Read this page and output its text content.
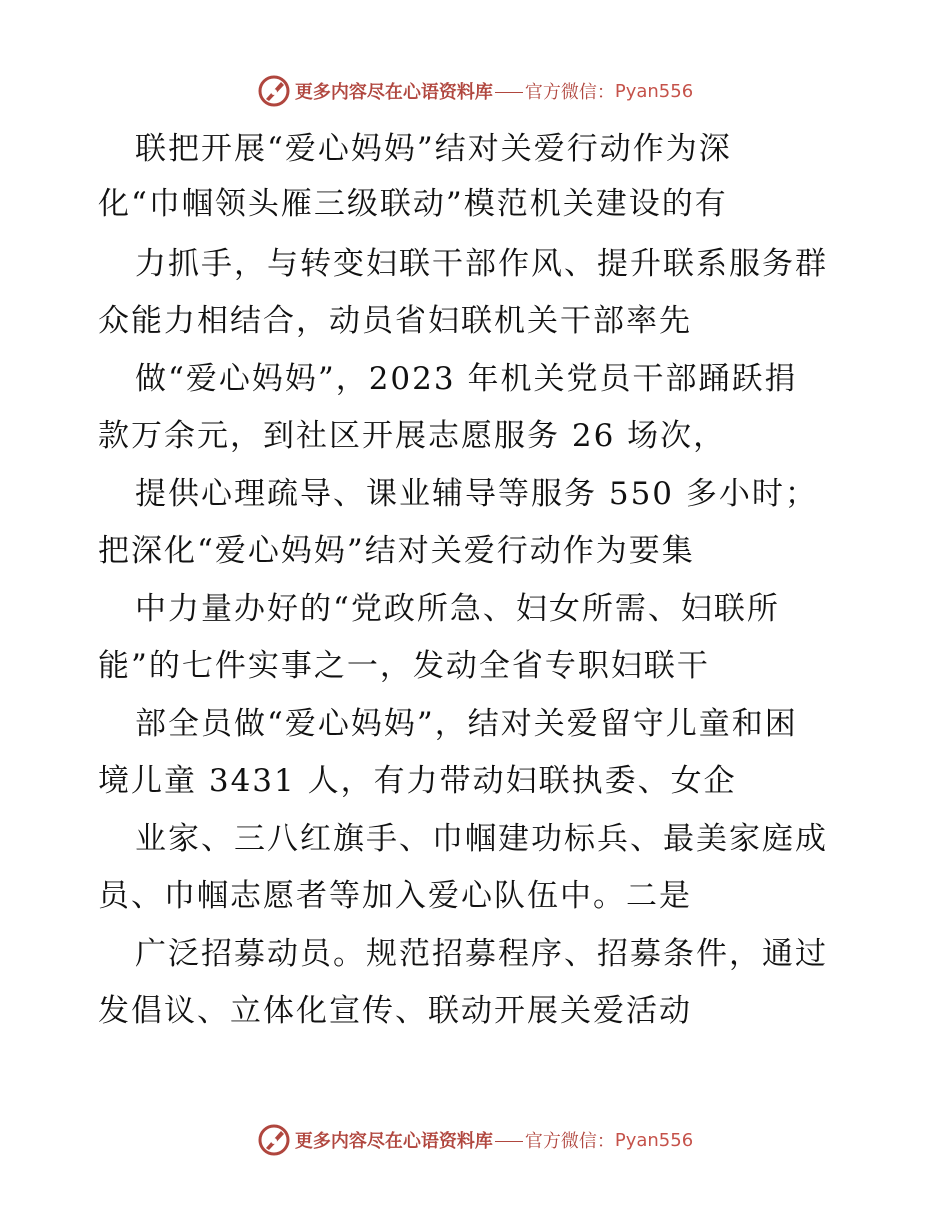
更多内容尽在心语资料库 官方微信： Pyan556
联把开展“爱心妈妈”结对关爱行动作为深
化“巾帼领头雁三级联动”模范机关建设的有
力抓手，与转变妇联干部作风、提升联系服务群
众能力相结合，动员省妇联机关干部率先
做“爱心妈妈”，2023 年机关党员干部踊跃捐
款万余元，到社区开展志愿服务 26 场次，
提供心理疏导、课业辅导等服务 550 多小时；
把深化“爱心妈妈”结对关爱行动作为要集
中力量办好的“党政所急、妇女所需、妇联所
能”的七件实事之一，发动全省专职妇联干
部全员做“爱心妈妈”，结对关爱留守儿童和困
境儿童 3431 人，有力带动妇联执委、女企
业家、三八红旗手、巾帼建功标兵、最美家庭成
员、巾帼志愿者等加入爱心队伍中。二是
广泛招募动员。规范招募程序、招募条件，通过
发倡议、立体化宣传、联动开展关爱活动
更多内容尽在心语资料库 官方微信： Pyan556
